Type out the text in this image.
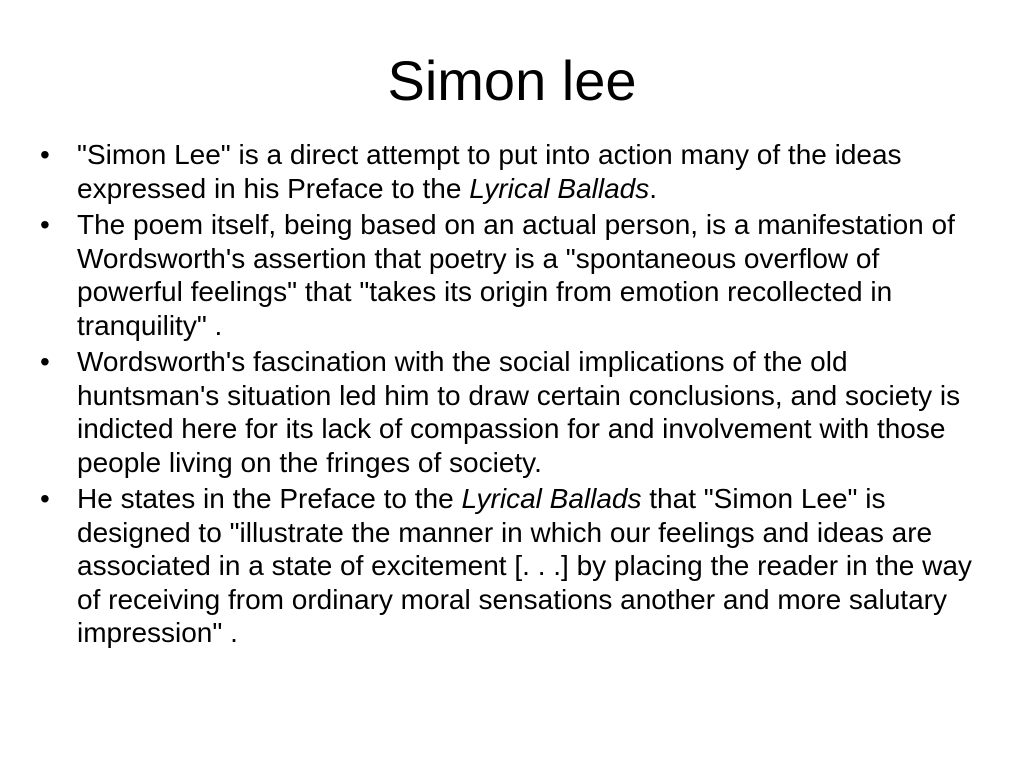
Simon lee
• "Simon Lee" is a direct attempt to put into action many of the ideas expressed in his Preface to the Lyrical Ballads.
• The poem itself, being based on an actual person, is a manifestation of Wordsworth's assertion that poetry is a "spontaneous overflow of powerful feelings" that "takes its origin from emotion recollected in tranquility" .
• Wordsworth's fascination with the social implications of the old huntsman's situation led him to draw certain conclusions, and society is indicted here for its lack of compassion for and involvement with those people living on the fringes of society.
• He states in the Preface to the Lyrical Ballads that "Simon Lee" is designed to "illustrate the manner in which our feelings and ideas are associated in a state of excitement [. . .] by placing the reader in the way of receiving from ordinary moral sensations another and more salutary impression" .
